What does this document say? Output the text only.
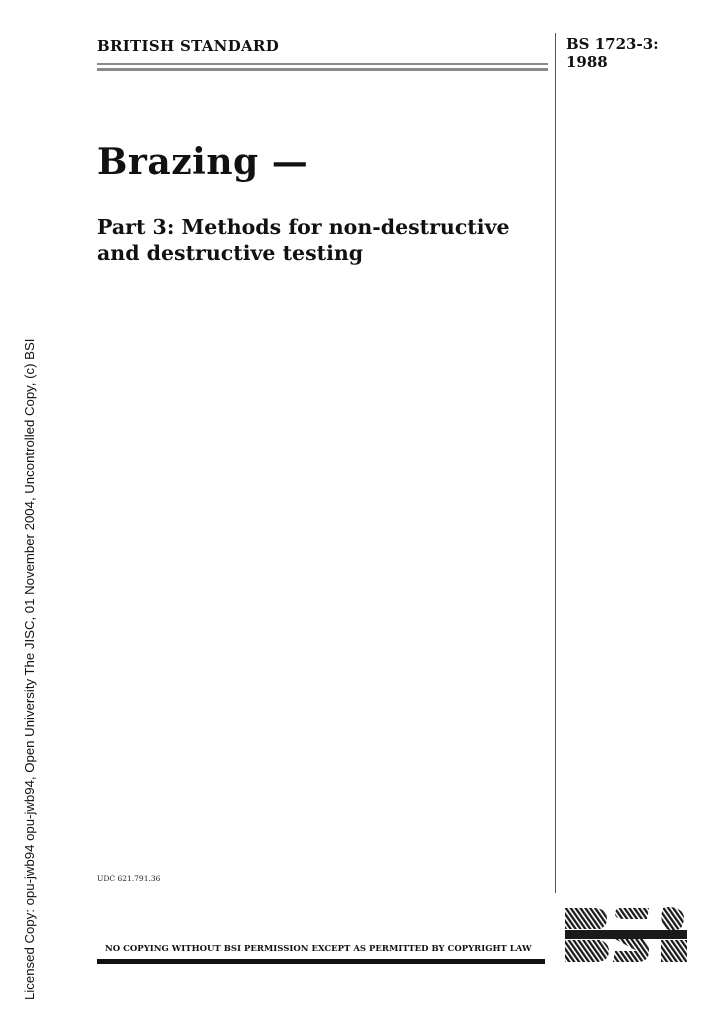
Licensed Copy: opu-jwb94 opu-jwb94, Open University The JISC, 01 November 2004, Uncontrolled Copy, (c) BSI
BRITISH STANDARD	BS 1723-3:
1988
Brazing —
Part 3: Methods for non-destructive and destructive testing
UDC 621.791.36
NO COPYING WITHOUT BSI PERMISSION EXCEPT AS PERMITTED BY COPYRIGHT LAW
